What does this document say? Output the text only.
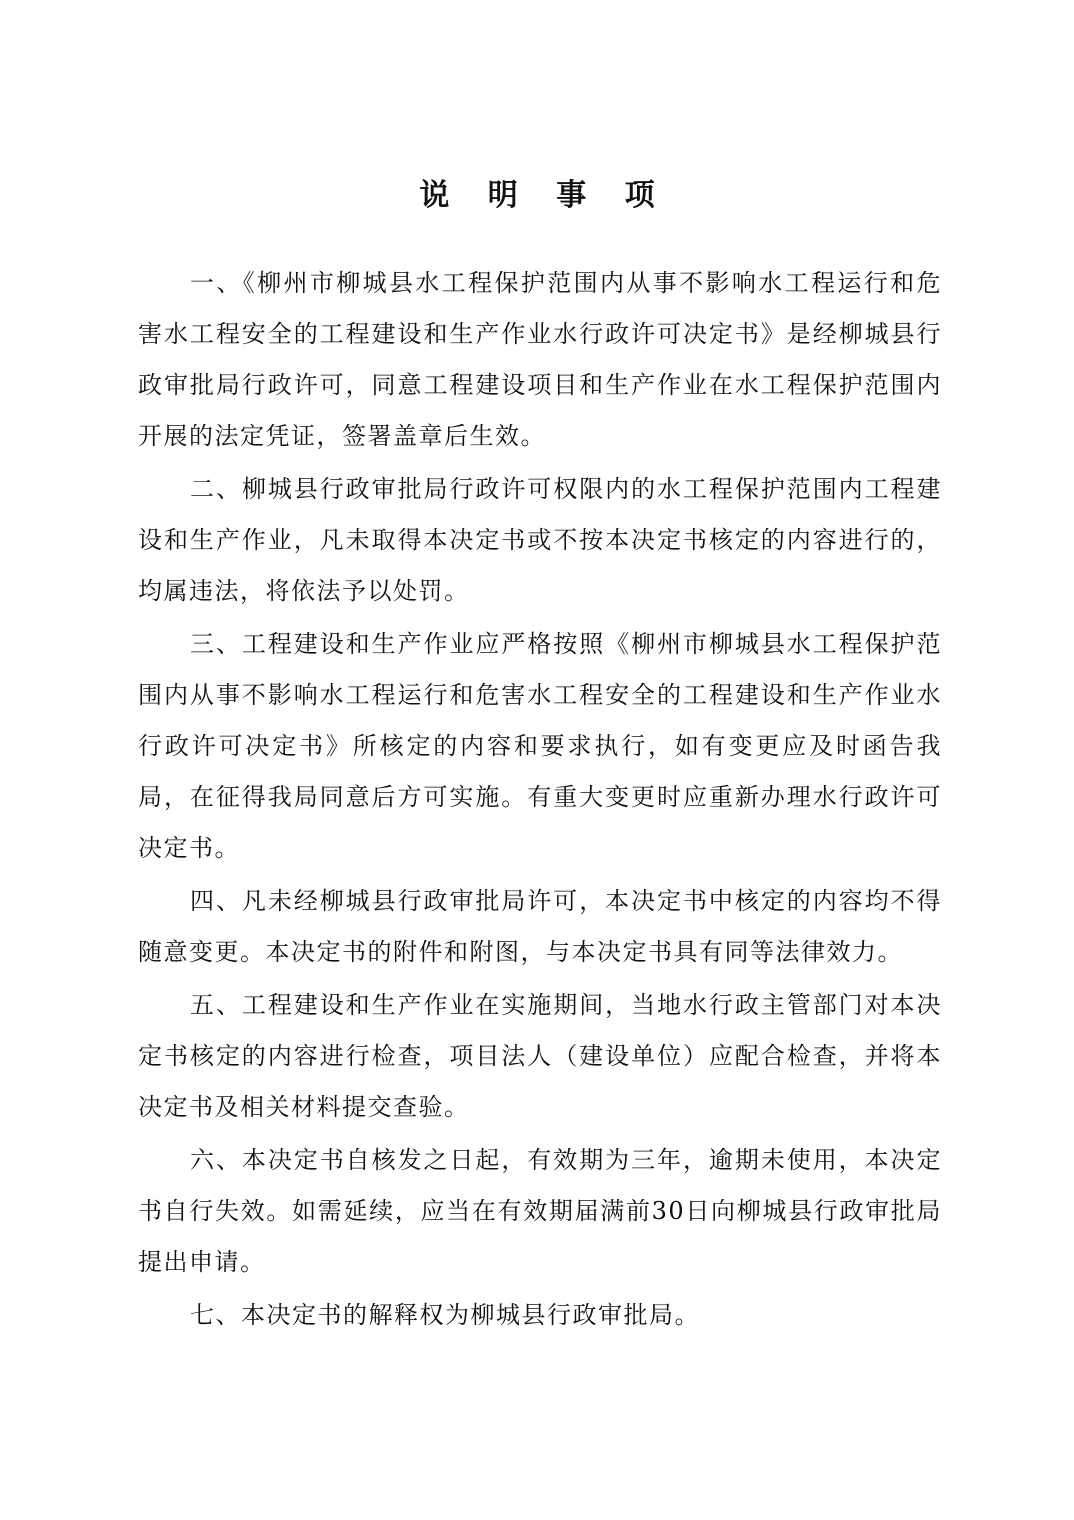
说 明 事 项

一、《柳州市柳城县水工程保护范围内从事不影响水工程运行和危害水工程安全的工程建设和生产作业水行政许可决定书》是经柳城县行政审批局行政许可，同意工程建设项目和生产作业在水工程保护范围内开展的法定凭证，签署盖章后生效。

二、柳城县行政审批局行政许可权限内的水工程保护范围内工程建设和生产作业，凡未取得本决定书或不按本决定书核定的内容进行的，均属违法，将依法予以处罚。

三、工程建设和生产作业应严格按照《柳州市柳城县水工程保护范围内从事不影响水工程运行和危害水工程安全的工程建设和生产作业水行政许可决定书》所核定的内容和要求执行，如有变更应及时函告我局，在征得我局同意后方可实施。有重大变更时应重新办理水行政许可决定书。

四、凡未经柳城县行政审批局许可，本决定书中核定的内容均不得随意变更。本决定书的附件和附图，与本决定书具有同等法律效力。

五、工程建设和生产作业在实施期间，当地水行政主管部门对本决定书核定的内容进行检查，项目法人（建设单位）应配合检查，并将本决定书及相关材料提交查验。

六、本决定书自核发之日起，有效期为三年，逾期未使用，本决定书自行失效。如需延续，应当在有效期届满前30日向柳城县行政审批局提出申请。

七、本决定书的解释权为柳城县行政审批局。
